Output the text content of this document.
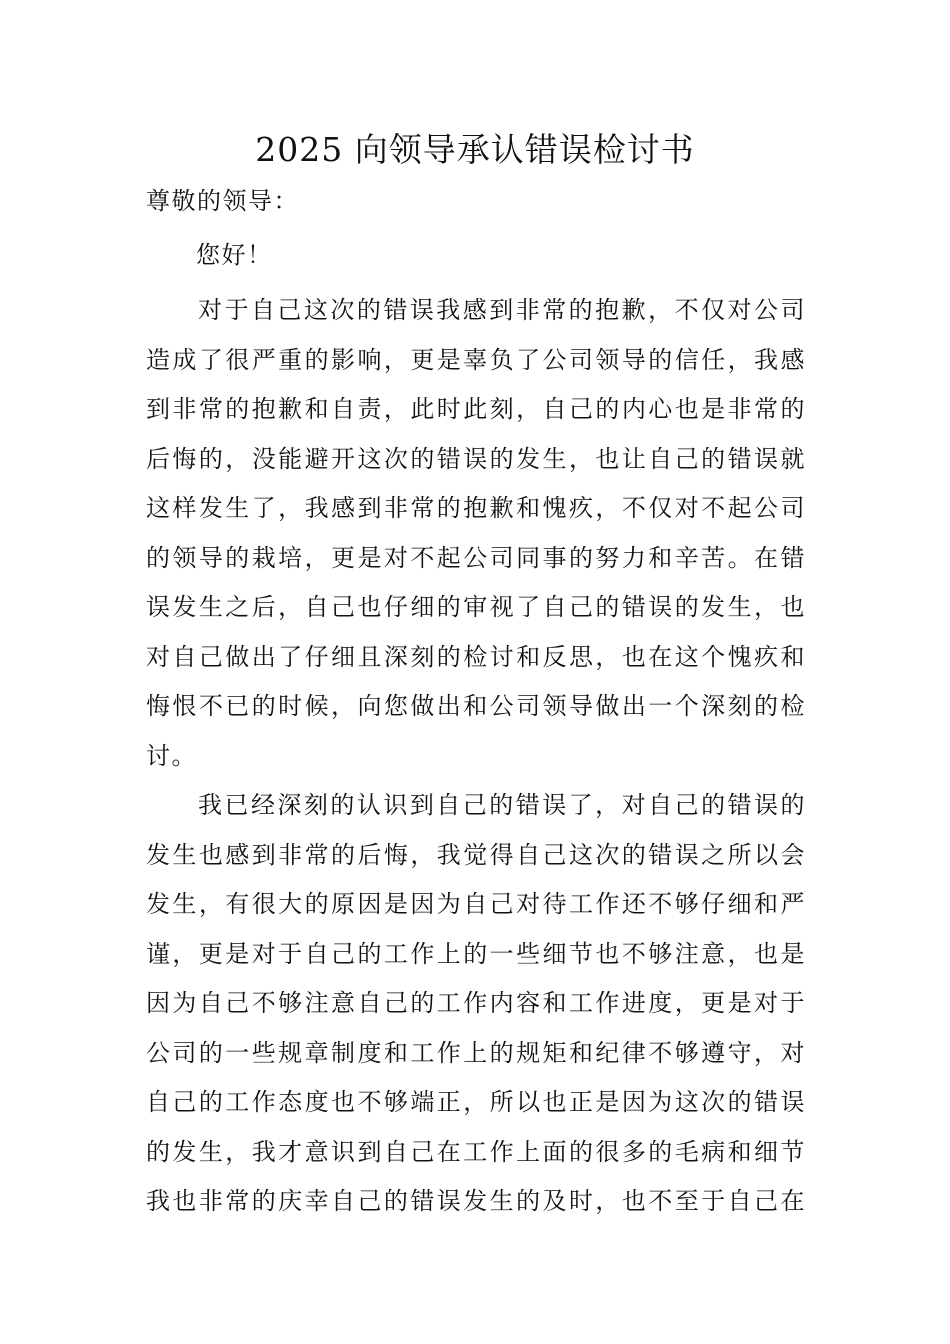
2025 向领导承认错误检讨书
尊敬的领导：
您好！
对于自己这次的错误我感到非常的抱歉，不仅对公司
造成了很严重的影响，更是辜负了公司领导的信任，我感
到非常的抱歉和自责，此时此刻，自己的内心也是非常的
后悔的，没能避开这次的错误的发生，也让自己的错误就
这样发生了，我感到非常的抱歉和愧疚，不仅对不起公司
的领导的栽培，更是对不起公司同事的努力和辛苦。在错
误发生之后，自己也仔细的审视了自己的错误的发生，也
对自己做出了仔细且深刻的检讨和反思，也在这个愧疚和
悔恨不已的时候，向您做出和公司领导做出一个深刻的检
讨。
我已经深刻的认识到自己的错误了，对自己的错误的
发生也感到非常的后悔，我觉得自己这次的错误之所以会
发生，有很大的原因是因为自己对待工作还不够仔细和严
谨，更是对于自己的工作上的一些细节也不够注意，也是
因为自己不够注意自己的工作内容和工作进度，更是对于
公司的一些规章制度和工作上的规矩和纪律不够遵守，对
自己的工作态度也不够端正，所以也正是因为这次的错误
的发生，我才意识到自己在工作上面的很多的毛病和细节
我也非常的庆幸自己的错误发生的及时，也不至于自己在
